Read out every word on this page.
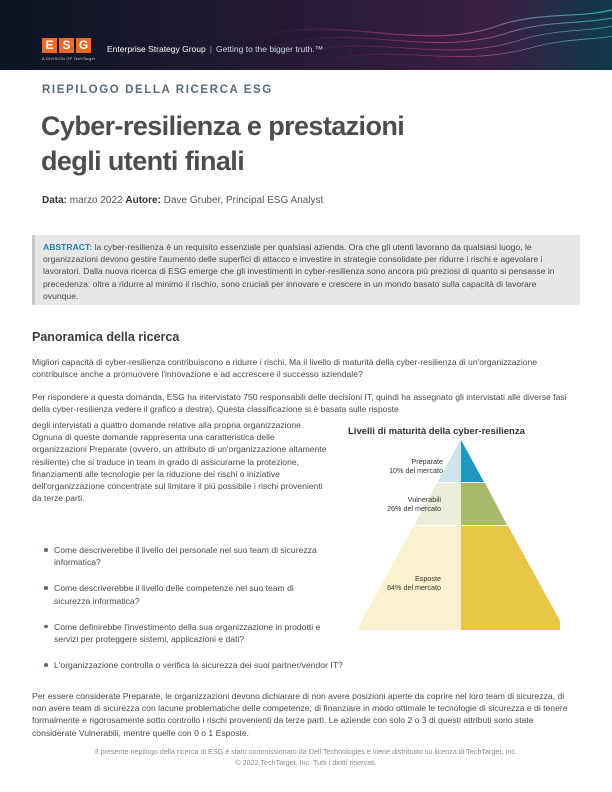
E S G
A DIVISION OF TechTarget
Enterprise Strategy Group | Getting to the bigger truth.™
RIEPILOGO DELLA RICERCA ESG
Cyber-resilienza e prestazioni
degli utenti finali
Data: marzo 2022 Autore: Dave Gruber, Principal ESG Analyst
ABSTRACT: la cyber-resilienza è un requisito essenziale per qualsiasi azienda. Ora che gli utenti lavorano da qualsiasi luogo, le organizzazioni devono gestire l'aumento delle superfici di attacco e investire in strategie consolidate per ridurre i rischi e agevolare i lavoratori. Dalla nuova ricerca di ESG emerge che gli investimenti in cyber-resilienza sono ancora più preziosi di quanto si pensasse in precedenza: oltre a ridurre al minimo il rischio, sono cruciali per innovare e crescere in un mondo basato sulla capacità di lavorare ovunque.
Panoramica della ricerca
Migliori capacità di cyber-resilienza contribuiscono a ridurre i rischi. Ma il livello di maturità della cyber-resilienza di un'organizzazione contribuisce anche a promuovere l'innovazione e ad accrescere il successo aziendale?
Per rispondere a questa domanda, ESG ha intervistato 750 responsabili delle decisioni IT, quindi ha assegnato gli intervistati alle diverse fasi della cyber-resilienza vedere il grafico a destra). Questa classificazione si è basata sulle risposte
degli intervistati a quattro domande relative alla propria organizzazione. Ognuna di queste domande rappresenta una caratteristica delle organizzazioni Preparate (ovvero, un attributo di un'organizzazione altamente resiliente) che si traduce in team in grado di assicurarne la protezione, finanziamenti alle tecnologie per la riduzione dei rischi o iniziative dell'organizzazione concentrate sul limitare il più possibile i rischi provenienti da terze parti.
Come descriverebbe il livello del personale nel suo team di sicurezza informatica?
Come descriverebbe il livello delle competenze nel suo team di sicurezza informatica?
Come definirebbe l'investimento della sua organizzazione in prodotti e servizi per proteggere sistemi, applicazioni e dati?
L'organizzazione controlla o verifica la sicurezza dei suoi partner/vendor IT?
Livelli di maturità della cyber-resilienza
Preparate
10% del mercato
Vulnerabili
26% del mercato
Esposte
64% del mercato
Per essere considerate Preparate, le organizzazioni devono dichiarare di non avere posizioni aperte da coprire nel loro team di sicurezza, di non avere team di sicurezza con lacune problematiche delle competenze, di finanziare in modo ottimale le tecnologie di sicurezza e di tenere formalmente e rigorosamente sotto controllo i rischi provenienti da terze parti. Le aziende con solo 2 o 3 di questi attributi sono state considerate Vulnerabili, mentre quelle con 0 o 1 Esposte.
Il presente riepilogo della ricerca di ESG è stato commissionato da Dell Technologies e viene distribuito su licenza di TechTarget, Inc.
© 2022 TechTarget, Inc. Tutti i diritti riservati.
